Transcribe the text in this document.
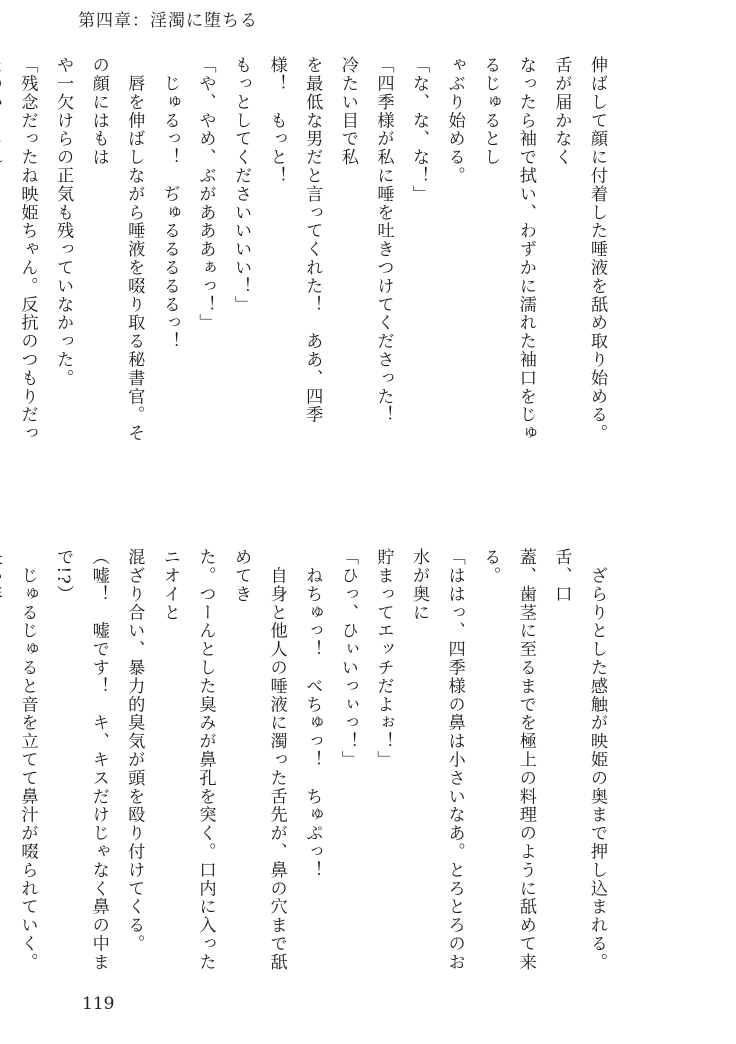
第四章：淫濁に堕ちる

伸ばして顔に付着した唾液を舐め取り始める。舌が届かなく

なったら袖で拭い、わずかに濡れた袖口をじゅるじゅるとし

ゃぶり始める。

「な、な、な！」

「四季様が私に唾を吐きつけてくださった！　冷たい目で私

を最低な男だと言ってくれた！　ああ、四季様！　もっと！

もっとしてくださいいいい！」

「や、やめ、ぶがあああぁっ！」

　じゅるっ！　ぢゅるるるるるっ！

　唇を伸ばしながら唾液を啜り取る秘書官。その顔にはもは

や一欠けらの正気も残っていなかった。

「残念だったね映姫ちゃん。反抗のつもりだっ

　ざらりとした感触が映姫の奥まで押し込まれる。舌、口

蓋、歯茎に至るまでを極上の料理のように舐めて来る。

「ははっ、四季様の鼻は小さいなあ。とろとろのお水が奥に

貯まってエッチだよぉ！」

「ひっ、ひぃいっぃっ！」

　ねちゅっ！　べちゅっ！　ちゅぷっ！

　自身と他人の唾液に濁った舌先が、鼻の穴まで舐めてき

た。つーんとした臭みが鼻孔を突く。口内に入ったニオイと

混ざり合い、暴力的臭気が頭を殴り付けてくる。

（嘘！　嘘です！　キ、キスだけじゃなく鼻の中まで!?）

　じゅるじゅると音を立てて鼻汁が啜られていく。

119
